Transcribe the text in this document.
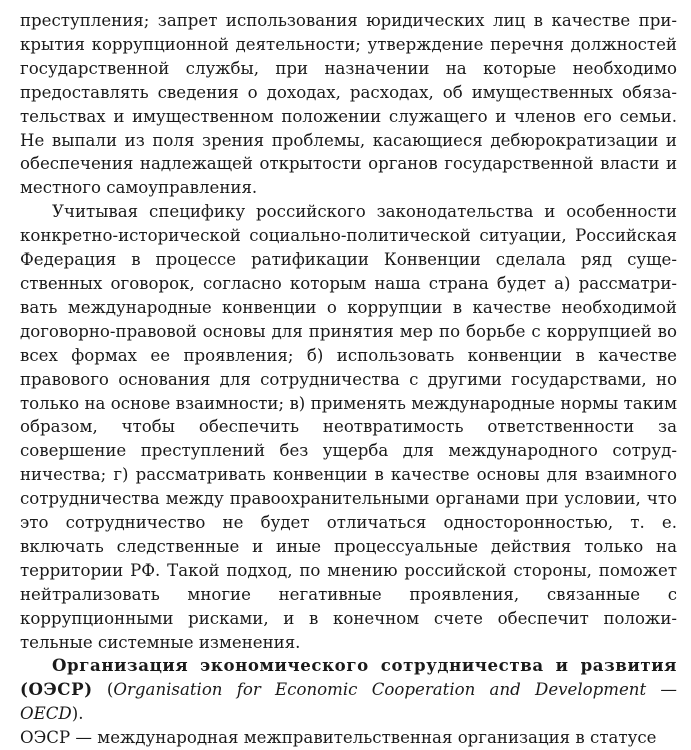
преступления; запрет использования юридических лиц в качестве прикрытия коррупционной деятельности; утверждение перечня должностей государственной службы, при назначении на которые необходимо предоставлять сведения о доходах, расходах, об имущественных обязательствах и имущественном положении служащего и членов его семьи. Не выпали из поля зрения проблемы, касающиеся дебюрократизации и обеспечения надлежащей открытости органов государственной власти и местного самоуправления.

Учитывая специфику российского законодательства и особенности конкретно-исторической социально-политической ситуации, Российская Федерация в процессе ратификации Конвенции сделала ряд существенных оговорок, согласно которым наша страна будет а) рассматривать международные конвенции о коррупции в качестве необходимой договорно-правовой основы для принятия мер по борьбе с коррупцией во всех формах ее проявления; б) использовать конвенции в качестве правового основания для сотрудничества с другими государствами, но только на основе взаимности; в) применять международные нормы таким образом, чтобы обеспечить неотвратимость ответственности за совершение преступлений без ущерба для международного сотрудничества; г) рассматривать конвенции в качестве основы для взаимного сотрудничества между правоохранительными органами при условии, что это сотрудничество не будет отличаться односторонностью, т. е. включать следственные и иные процессуальные действия только на территории РФ. Такой подход, по мнению российской стороны, поможет нейтрализовать многие негативные проявления, связанные с коррупционными рисками, и в конечном счете обеспечит положительные системные изменения.

Организация экономического сотрудничества и развития (ОЭСР) (Organisation for Economic Cooperation and Development — OECD).
ОЭСР — международная межправительственная организация в статусе
